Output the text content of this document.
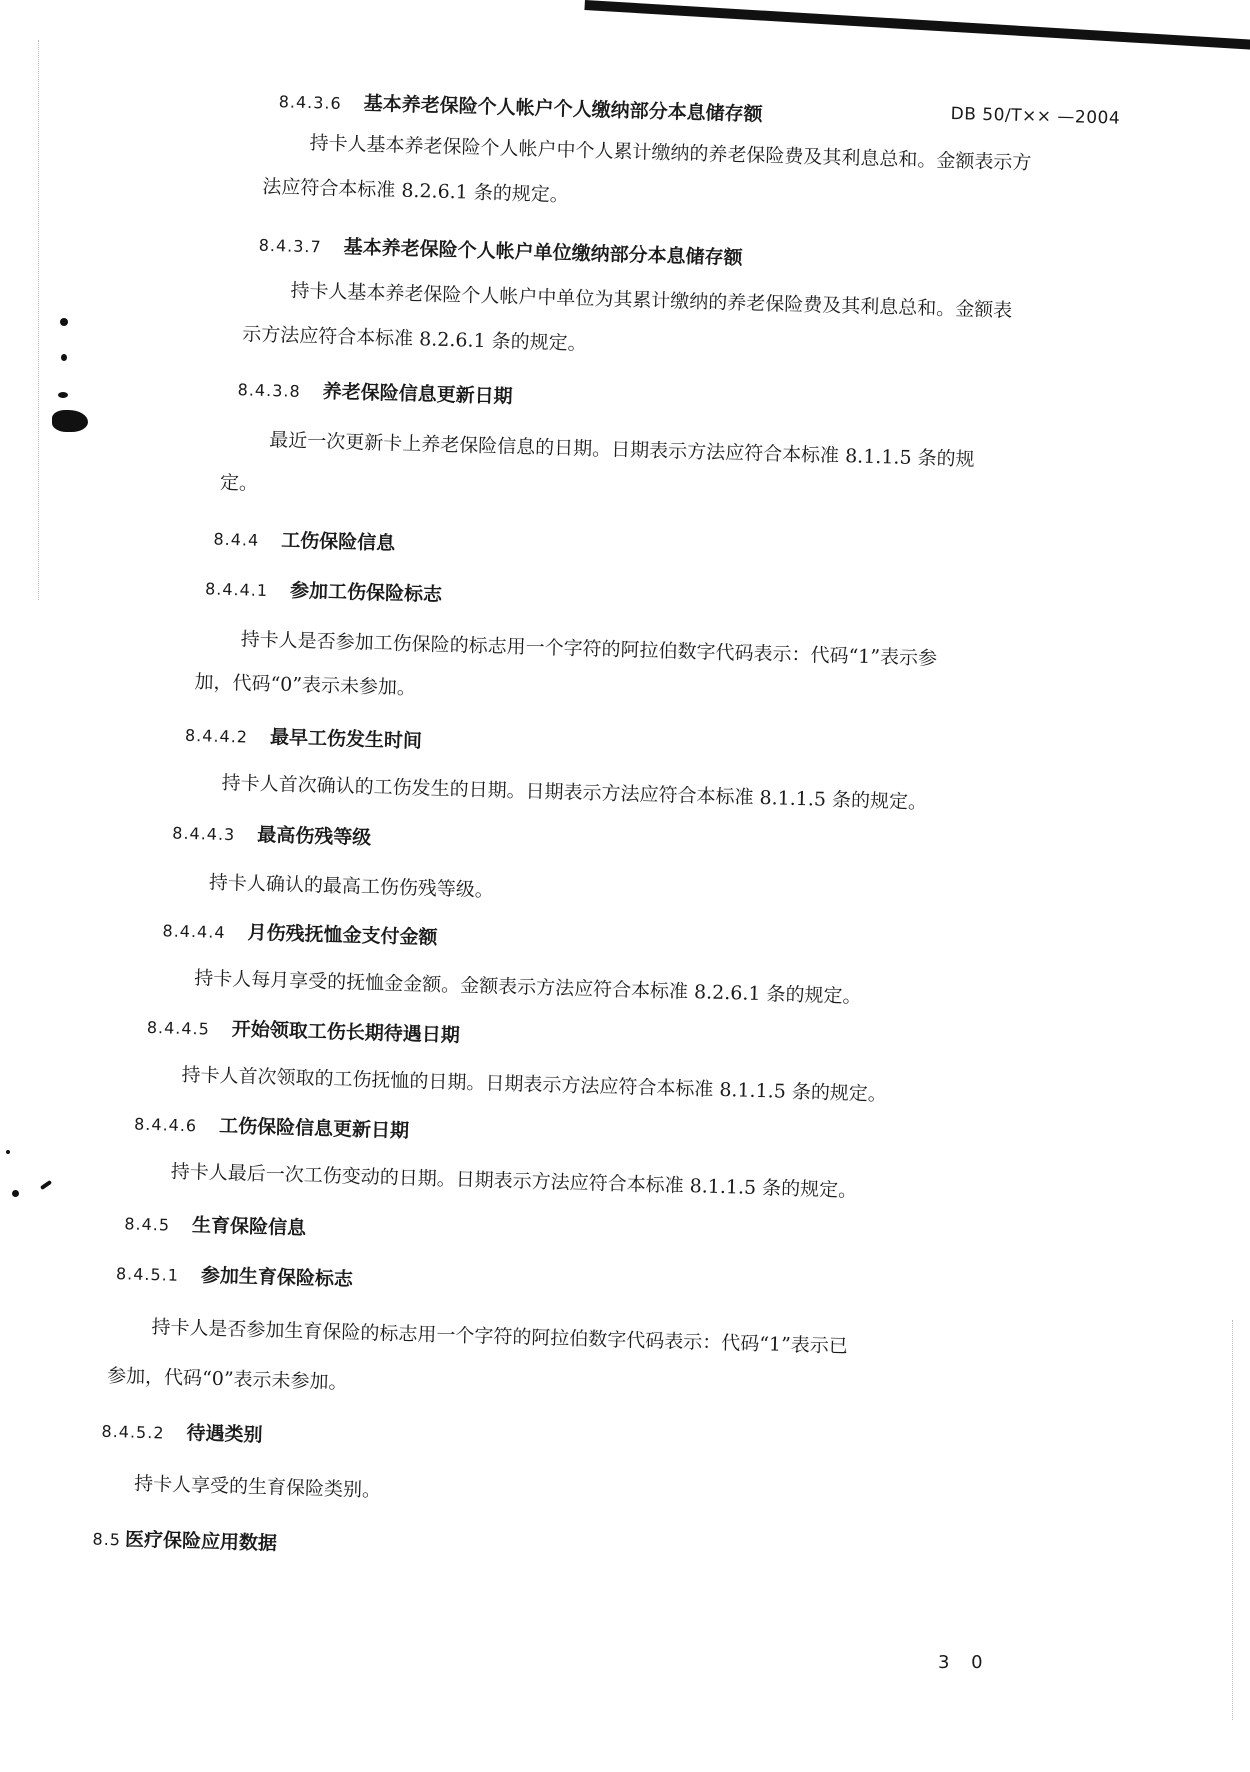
DB 50/T×× —2004
8.4.3.6 基本养老保险个人帐户个人缴纳部分本息储存额
持卡人基本养老保险个人帐户中个人累计缴纳的养老保险费及其利息总和。金额表示方
法应符合本标准 8.2.6.1 条的规定。
8.4.3.7 基本养老保险个人帐户单位缴纳部分本息储存额
持卡人基本养老保险个人帐户中单位为其累计缴纳的养老保险费及其利息总和。金额表
示方法应符合本标准 8.2.6.1 条的规定。
8.4.3.8 养老保险信息更新日期
最近一次更新卡上养老保险信息的日期。日期表示方法应符合本标准 8.1.1.5 条的规
定。
8.4.4 工伤保险信息
8.4.4.1 参加工伤保险标志
持卡人是否参加工伤保险的标志用一个字符的阿拉伯数字代码表示：代码“1”表示参
加，代码“0”表示未参加。
8.4.4.2 最早工伤发生时间
持卡人首次确认的工伤发生的日期。日期表示方法应符合本标准 8.1.1.5 条的规定。
8.4.4.3 最高伤残等级
持卡人确认的最高工伤伤残等级。
8.4.4.4 月伤残抚恤金支付金额
持卡人每月享受的抚恤金金额。金额表示方法应符合本标准 8.2.6.1 条的规定。
8.4.4.5 开始领取工伤长期待遇日期
持卡人首次领取的工伤抚恤的日期。日期表示方法应符合本标准 8.1.1.5 条的规定。
8.4.4.6 工伤保险信息更新日期
持卡人最后一次工伤变动的日期。日期表示方法应符合本标准 8.1.1.5 条的规定。
8.4.5 生育保险信息
8.4.5.1 参加生育保险标志
持卡人是否参加生育保险的标志用一个字符的阿拉伯数字代码表示：代码“1”表示已
参加，代码“0”表示未参加。
8.4.5.2 待遇类别
持卡人享受的生育保险类别。
8.5 医疗保险应用数据
3 0
